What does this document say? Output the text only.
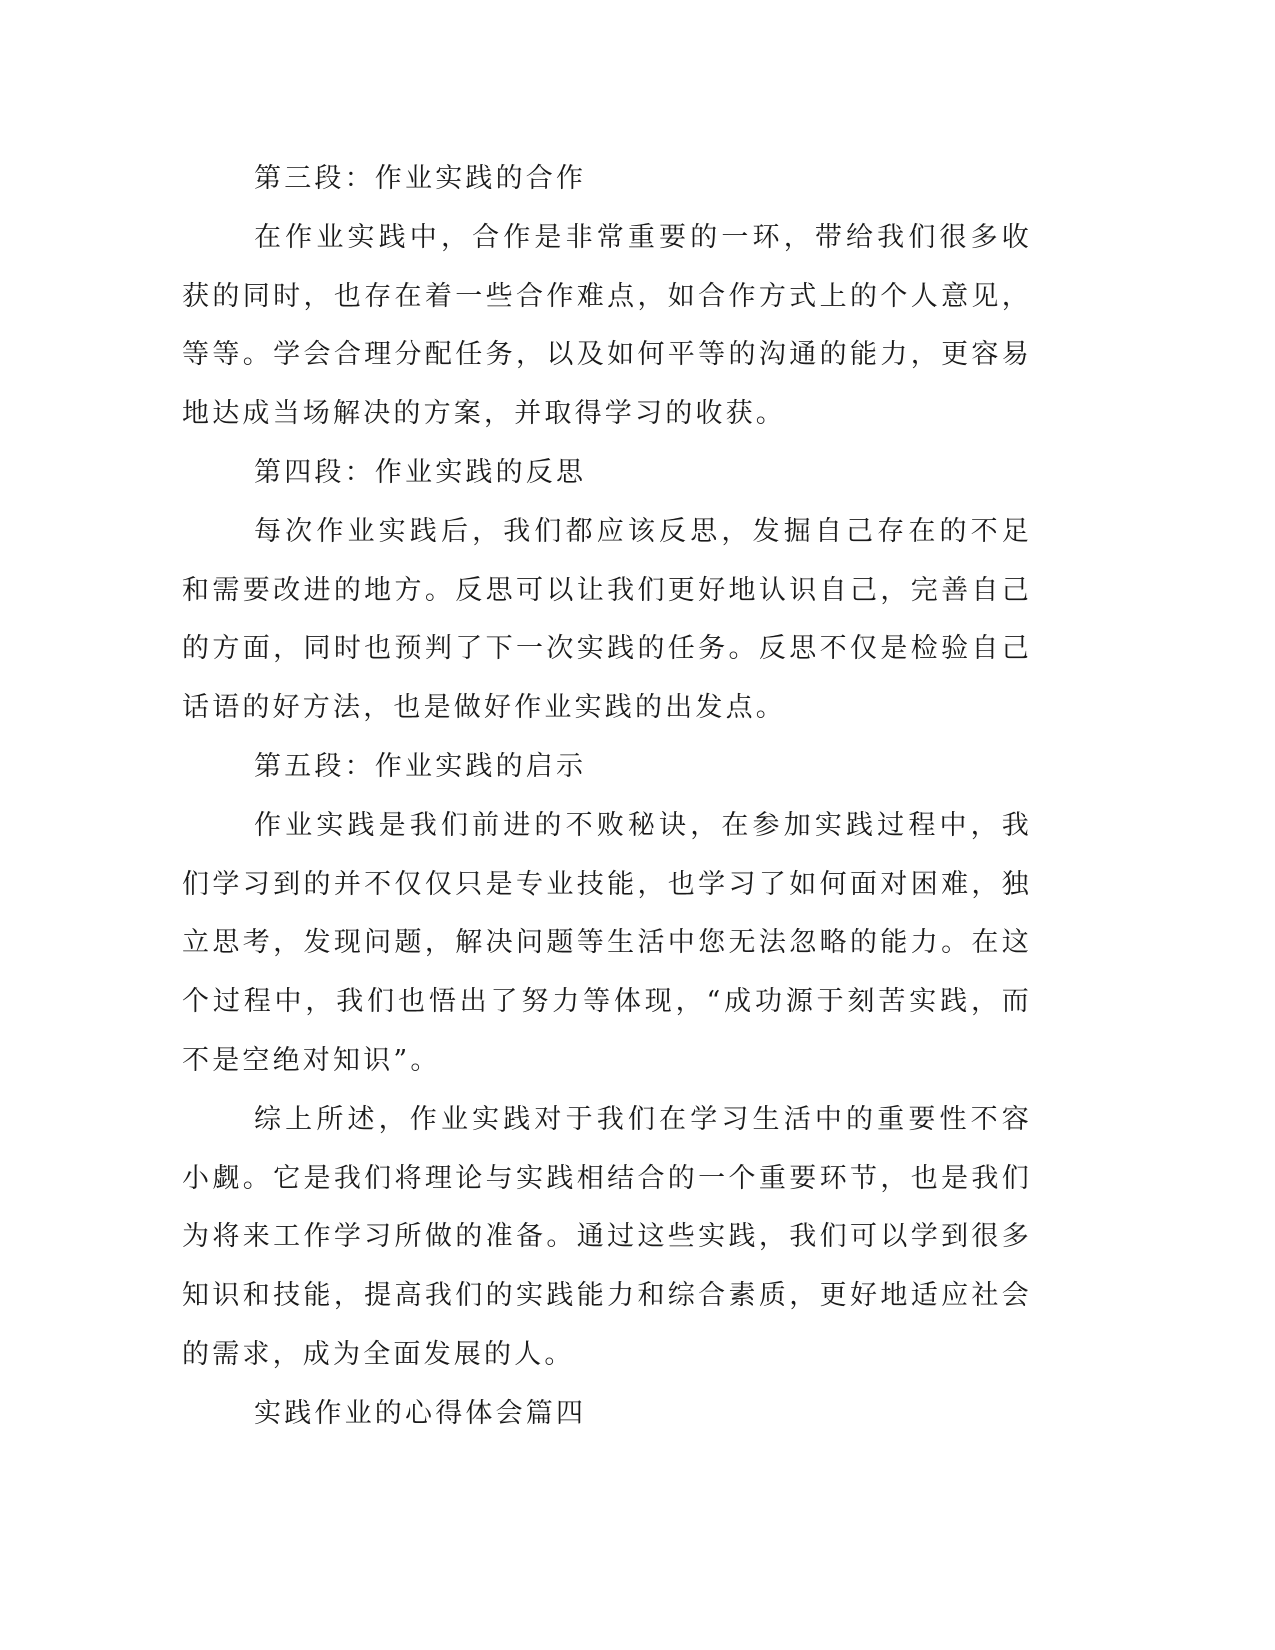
第三段：作业实践的合作

在作业实践中，合作是非常重要的一环，带给我们很多收获的同时，也存在着一些合作难点，如合作方式上的个人意见，等等。学会合理分配任务，以及如何平等的沟通的能力，更容易地达成当场解决的方案，并取得学习的收获。

第四段：作业实践的反思

每次作业实践后，我们都应该反思，发掘自己存在的不足和需要改进的地方。反思可以让我们更好地认识自己，完善自己的方面，同时也预判了下一次实践的任务。反思不仅是检验自己话语的好方法，也是做好作业实践的出发点。

第五段：作业实践的启示

作业实践是我们前进的不败秘诀，在参加实践过程中，我们学习到的并不仅仅只是专业技能，也学习了如何面对困难，独立思考，发现问题，解决问题等生活中您无法忽略的能力。在这个过程中，我们也悟出了努力等体现，“成功源于刻苦实践，而不是空绝对知识”。

综上所述，作业实践对于我们在学习生活中的重要性不容小觑。它是我们将理论与实践相结合的一个重要环节，也是我们为将来工作学习所做的准备。通过这些实践，我们可以学到很多知识和技能，提高我们的实践能力和综合素质，更好地适应社会的需求，成为全面发展的人。

实践作业的心得体会篇四
